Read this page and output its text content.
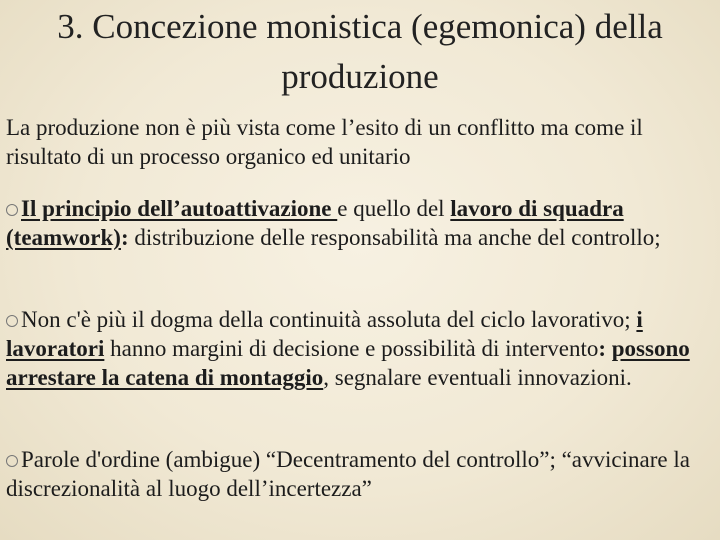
3. Concezione monistica (egemonica) della
produzione

La produzione non è più vista come l’esito di un conflitto ma come il risultato di un processo organico ed unitario

Il principio dell’autoattivazione e quello del lavoro di squadra (teamwork): distribuzione delle responsabilità ma anche del controllo;

Non c'è più il dogma della continuità assoluta del ciclo lavorativo; i lavoratori hanno margini di decisione e possibilità di intervento: possono arrestare la catena di montaggio, segnalare eventuali innovazioni.

Parole d'ordine (ambigue) “Decentramento del controllo”; “avvicinare la discrezionalità al luogo dell’incertezza”
